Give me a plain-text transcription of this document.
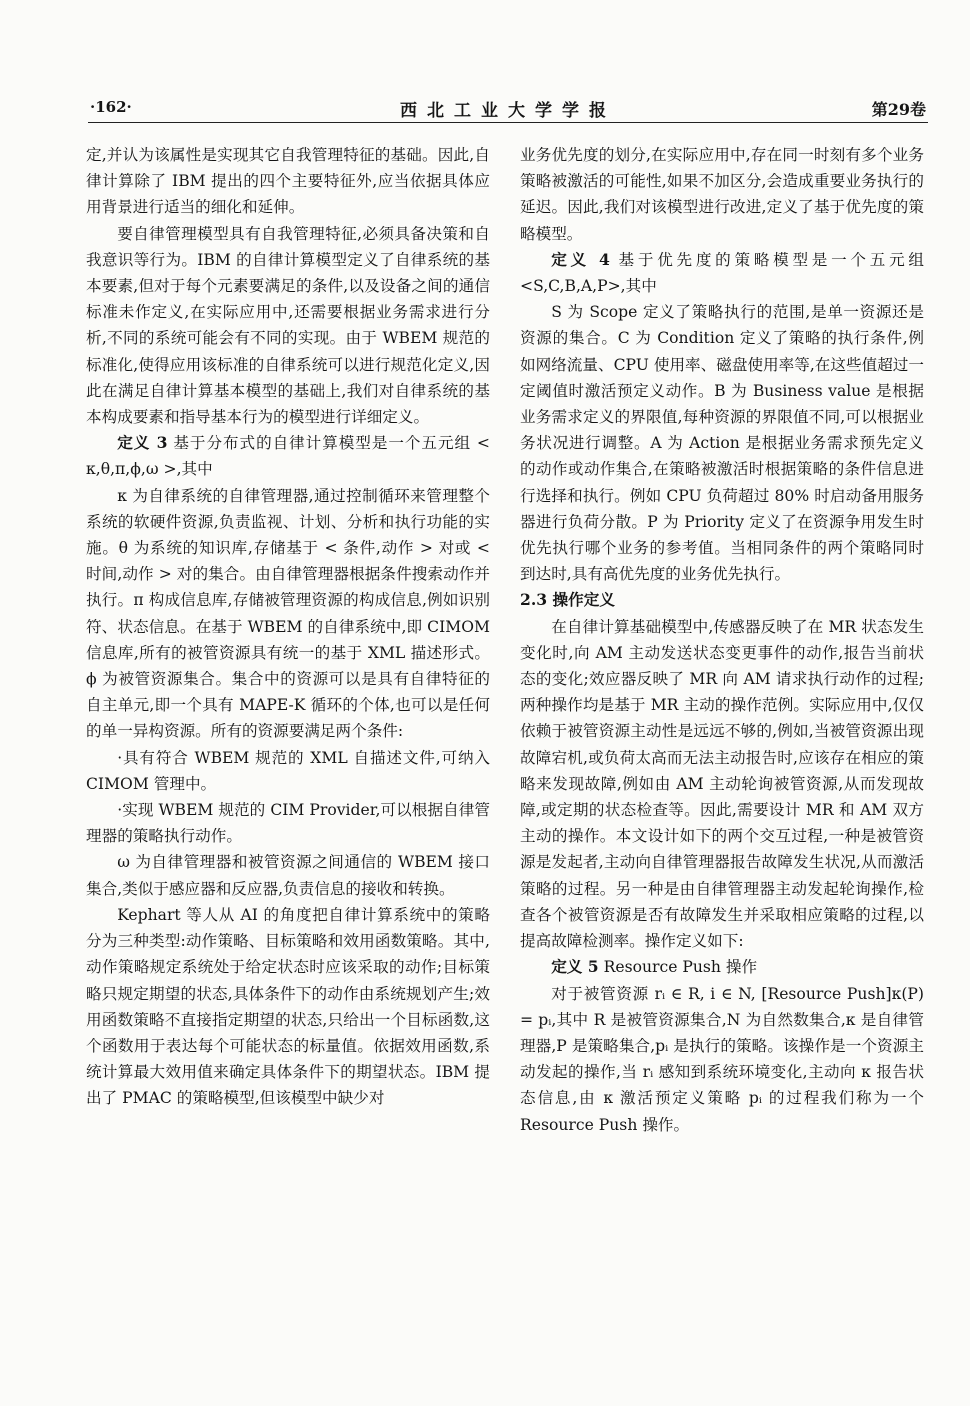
·162·	西北工业大学学报	第29卷

定,并认为该属性是实现其它自我管理特征的基础。因此,自律计算除了 IBM 提出的四个主要特征外,应当依据具体应用背景进行适当的细化和延伸。

要自律管理模型具有自我管理特征,必须具备决策和自我意识等行为。IBM 的自律计算模型定义了自律系统的基本要素,但对于每个元素要满足的条件,以及设备之间的通信标准未作定义,在实际应用中,还需要根据业务需求进行分析,不同的系统可能会有不同的实现。由于 WBEM 规范的标准化,使得应用该标准的自律系统可以进行规范化定义,因此在满足自律计算基本模型的基础上,我们对自律系统的基本构成要素和指导基本行为的模型进行详细定义。

定义 3 基于分布式的自律计算模型是一个五元组 < κ,θ,π,ϕ,ω >,其中

κ 为自律系统的自律管理器,通过控制循环来管理整个系统的软硬件资源,负责监视、计划、分析和执行功能的实施。θ 为系统的知识库,存储基于 < 条件,动作 > 对或 < 时间,动作 > 对的集合。由自律管理器根据条件搜索动作并执行。π 构成信息库,存储被管理资源的构成信息,例如识别符、状态信息。在基于 WBEM 的自律系统中,即 CIMOM 信息库,所有的被管资源具有统一的基于 XML 描述形式。ϕ 为被管资源集合。集合中的资源可以是具有自律特征的自主单元,即一个具有 MAPE-K 循环的个体,也可以是任何的单一异构资源。所有的资源要满足两个条件:

·具有符合 WBEM 规范的 XML 自描述文件,可纳入 CIMOM 管理中。

·实现 WBEM 规范的 CIM Provider,可以根据自律管理器的策略执行动作。

ω 为自律管理器和被管资源之间通信的 WBEM 接口集合,类似于感应器和反应器,负责信息的接收和转换。

Kephart 等人从 AI 的角度把自律计算系统中的策略分为三种类型:动作策略、目标策略和效用函数策略。其中,动作策略规定系统处于给定状态时应该采取的动作;目标策略只规定期望的状态,具体条件下的动作由系统规划产生;效用函数策略不直接指定期望的状态,只给出一个目标函数,这个函数用于表达每个可能状态的标量值。依据效用函数,系统计算最大效用值来确定具体条件下的期望状态。IBM 提出了 PMAC 的策略模型,但该模型中缺少对

业务优先度的划分,在实际应用中,存在同一时刻有多个业务策略被激活的可能性,如果不加区分,会造成重要业务执行的延迟。因此,我们对该模型进行改进,定义了基于优先度的策略模型。

定义 4 基于优先度的策略模型是一个五元组 <S,C,B,A,P>,其中

S 为 Scope 定义了策略执行的范围,是单一资源还是资源的集合。C 为 Condition 定义了策略的执行条件,例如网络流量、CPU 使用率、磁盘使用率等,在这些值超过一定阈值时激活预定义动作。B 为 Business value 是根据业务需求定义的界限值,每种资源的界限值不同,可以根据业务状况进行调整。A 为 Action 是根据业务需求预先定义的动作或动作集合,在策略被激活时根据策略的条件信息进行选择和执行。例如 CPU 负荷超过 80% 时启动备用服务器进行负荷分散。P 为 Priority 定义了在资源争用发生时优先执行哪个业务的参考值。当相同条件的两个策略同时到达时,具有高优先度的业务优先执行。

2.3 操作定义

在自律计算基础模型中,传感器反映了在 MR 状态发生变化时,向 AM 主动发送状态变更事件的动作,报告当前状态的变化;效应器反映了 MR 向 AM 请求执行动作的过程;两种操作均是基于 MR 主动的操作范例。实际应用中,仅仅依赖于被管资源主动性是远远不够的,例如,当被管资源出现故障宕机,或负荷太高而无法主动报告时,应该存在相应的策略来发现故障,例如由 AM 主动轮询被管资源,从而发现故障,或定期的状态检查等。因此,需要设计 MR 和 AM 双方主动的操作。本文设计如下的两个交互过程,一种是被管资源是发起者,主动向自律管理器报告故障发生状况,从而激活策略的过程。另一种是由自律管理器主动发起轮询操作,检查各个被管资源是否有故障发生并采取相应策略的过程,以提高故障检测率。操作定义如下:

定义 5 Resource Push 操作

对于被管资源 rᵢ ∈ R, i ∈ N, [Resource Push]κ(P) = pᵢ,其中 R 是被管资源集合,N 为自然数集合,κ 是自律管理器,P 是策略集合,pᵢ 是执行的策略。该操作是一个资源主动发起的操作,当 rᵢ 感知到系统环境变化,主动向 κ 报告状态信息,由 κ 激活预定义策略 pᵢ 的过程我们称为一个 Resource Push 操作。
